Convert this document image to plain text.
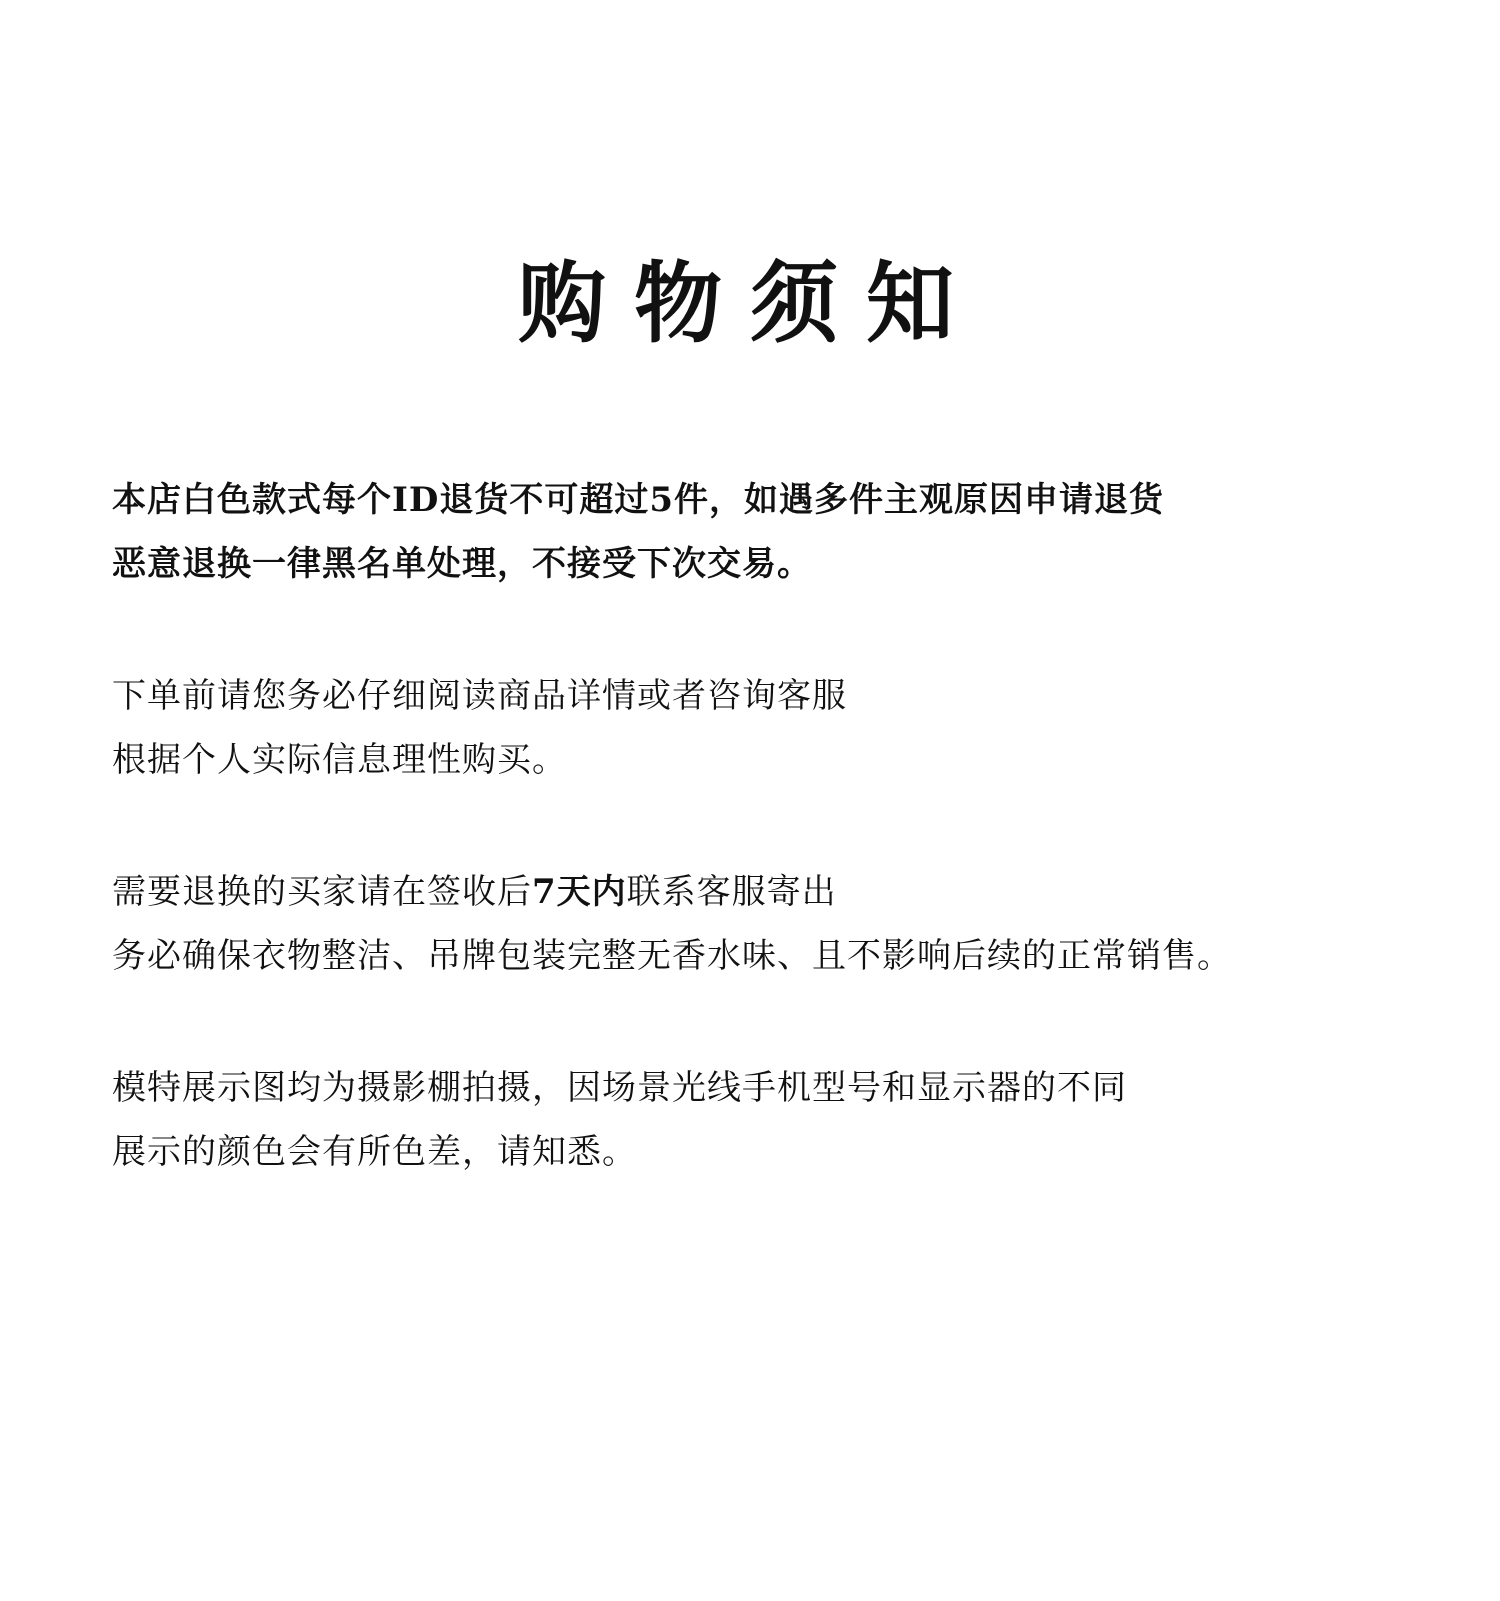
购物须知
本店白色款式每个ID退货不可超过5件，如遇多件主观原因申请退货
恶意退换一律黑名单处理，不接受下次交易。
下单前请您务必仔细阅读商品详情或者咨询客服
根据个人实际信息理性购买。
需要退换的买家请在签收后7天内联系客服寄出
务必确保衣物整洁、吊牌包装完整无香水味、且不影响后续的正常销售。
模特展示图均为摄影棚拍摄，因场景光线手机型号和显示器的不同
展示的颜色会有所色差，请知悉。
